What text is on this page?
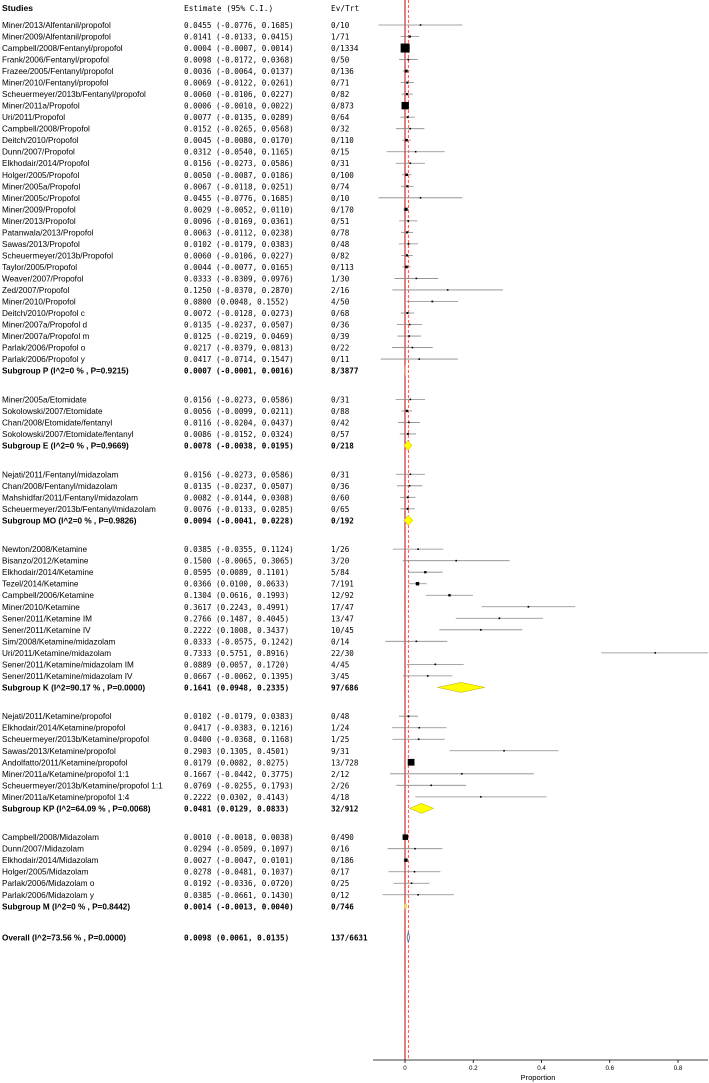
Studies	Estimate (95% C.I.)	Ev/Trt
Miner/2013/Alfentanil/propofol	0.0455 (-0.0776, 0.1685)	0/10
Miner/2009/Alfentanil/propofol	0.0141 (-0.0133, 0.0415)	1/71
Campbell/2008/Fentanyl/propofol	0.0004 (-0.0007, 0.0014)	0/1334
Frank/2006/Fentanyl/propofol	0.0098 (-0.0172, 0.0368)	0/50
Frazee/2005/Fentanyl/propofol	0.0036 (-0.0064, 0.0137)	0/136
Miner/2010/Fentanyl/propofol	0.0069 (-0.0122, 0.0261)	0/71
Scheuermeyer/2013b/Fentanyl/propofol	0.0060 (-0.0106, 0.0227)	0/82
Miner/2011a/Propofol	0.0006 (-0.0010, 0.0022)	0/873
Uri/2011/Propofol	0.0077 (-0.0135, 0.0289)	0/64
Campbell/2008/Propofol	0.0152 (-0.0265, 0.0568)	0/32
Deitch/2010/Propofol	0.0045 (-0.0080, 0.0170)	0/110
Dunn/2007/Propofol	0.0312 (-0.0540, 0.1165)	0/15
Elkhodair/2014/Propofol	0.0156 (-0.0273, 0.0586)	0/31
Holger/2005/Propofol	0.0050 (-0.0087, 0.0186)	0/100
Miner/2005a/Propofol	0.0067 (-0.0118, 0.0251)	0/74
Miner/2005c/Propofol	0.0455 (-0.0776, 0.1685)	0/10
Miner/2009/Propofol	0.0029 (-0.0052, 0.0110)	0/170
Miner/2013/Propofol	0.0096 (-0.0169, 0.0361)	0/51
Patanwala/2013/Propofol	0.0063 (-0.0112, 0.0238)	0/78
Sawas/2013/Propofol	0.0102 (-0.0179, 0.0383)	0/48
Scheuermeyer/2013b/Propofol	0.0060 (-0.0106, 0.0227)	0/82
Taylor/2005/Propofol	0.0044 (-0.0077, 0.0165)	0/113
Weaver/2007/Propofol	0.0333 (-0.0309, 0.0976)	1/30
Zed/2007/Propofol	0.1250 (-0.0370, 0.2870)	2/16
Miner/2010/Propofol	0.0800 (0.0048, 0.1552)	4/50
Deitch/2010/Propofol c	0.0072 (-0.0128, 0.0273)	0/68
Miner/2007a/Propofol d	0.0135 (-0.0237, 0.0507)	0/36
Miner/2007a/Propofol m	0.0125 (-0.0219, 0.0469)	0/39
Parlak/2006/Propofol o	0.0217 (-0.0379, 0.0813)	0/22
Parlak/2006/Propofol y	0.0417 (-0.0714, 0.1547)	0/11
Subgroup P (I^2=0 % , P=0.9215)	0.0007 (-0.0001, 0.0016)	8/3877
Miner/2005a/Etomidate	0.0156 (-0.0273, 0.0586)	0/31
Sokolowski/2007/Etomidate	0.0056 (-0.0099, 0.0211)	0/88
Chan/2008/Etomidate/fentanyl	0.0116 (-0.0204, 0.0437)	0/42
Sokolowski/2007/Etomidate/fentanyl	0.0086 (-0.0152, 0.0324)	0/57
Subgroup E (I^2=0 % , P=0.9669)	0.0078 (-0.0038, 0.0195)	0/218
Nejati/2011/Fentanyl/midazolam	0.0156 (-0.0273, 0.0586)	0/31
Chan/2008/Fentanyl/midazolam	0.0135 (-0.0237, 0.0507)	0/36
Mahshidfar/2011/Fentanyl/midazolam	0.0082 (-0.0144, 0.0308)	0/60
Scheuermeyer/2013b/Fentanyl/midazolam	0.0076 (-0.0133, 0.0285)	0/65
Subgroup MO (I^2=0 % , P=0.9826)	0.0094 (-0.0041, 0.0228)	0/192
Newton/2008/Ketamine	0.0385 (-0.0355, 0.1124)	1/26
Bisanzo/2012/Ketamine	0.1500 (-0.0065, 0.3065)	3/20
Elkhodair/2014/Ketamine	0.0595 (0.0089, 0.1101)	5/84
Tezel/2014/Ketamine	0.0366 (0.0100, 0.0633)	7/191
Campbell/2006/Ketamine	0.1304 (0.0616, 0.1993)	12/92
Miner/2010/Ketamine	0.3617 (0.2243, 0.4991)	17/47
Sener/2011/Ketamine IM	0.2766 (0.1487, 0.4045)	13/47
Sener/2011/Ketamine IV	0.2222 (0.1008, 0.3437)	10/45
Sim/2008/Ketamine/midazolam	0.0333 (-0.0575, 0.1242)	0/14
Uri/2011/Ketamine/midazolam	0.7333 (0.5751, 0.8916)	22/30
Sener/2011/Ketamine/midazolam IM	0.0889 (0.0057, 0.1720)	4/45
Sener/2011/Ketamine/midazolam IV	0.0667 (-0.0062, 0.1395)	3/45
Subgroup K (I^2=90.17 % , P=0.0000)	0.1641 (0.0948, 0.2335)	97/686
Nejati/2011/Ketamine/propofol	0.0102 (-0.0179, 0.0383)	0/48
Elkhodair/2014/Ketamine/propofol	0.0417 (-0.0383, 0.1216)	1/24
Scheuermeyer/2013b/Ketamine/propofol	0.0400 (-0.0368, 0.1168)	1/25
Sawas/2013/Ketamine/propofol	0.2903 (0.1305, 0.4501)	9/31
Andolfatto/2011/Ketamine/propofol	0.0179 (0.0082, 0.0275)	13/728
Miner/2011a/Ketamine/propofol 1:1	0.1667 (-0.0442, 0.3775)	2/12
Scheuermeyer/2013b/Ketamine/propofol 1:1	0.0769 (-0.0255, 0.1793)	2/26
Miner/2011a/Ketamine/propofol 1:4	0.2222 (0.0302, 0.4143)	4/18
Subgroup KP (I^2=64.09 % , P=0.0068)	0.0481 (0.0129, 0.0833)	32/912
Campbell/2008/Midazolam	0.0010 (-0.0018, 0.0038)	0/490
Dunn/2007/Midazolam	0.0294 (-0.0509, 0.1097)	0/16
Elkhodair/2014/Midazolam	0.0027 (-0.0047, 0.0101)	0/186
Holger/2005/Midazolam	0.0278 (-0.0481, 0.1037)	0/17
Parlak/2006/Midazolam o	0.0192 (-0.0336, 0.0720)	0/25
Parlak/2006/Midazolam y	0.0385 (-0.0661, 0.1430)	0/12
Subgroup M (I^2=0 % , P=0.8442)	0.0014 (-0.0013, 0.0040)	0/746
Overall (I^2=73.56 % , P=0.0000)	0.0098 (0.0061, 0.0135)	137/6631
0	0.2	0.4	0.6	0.8
Proportion
